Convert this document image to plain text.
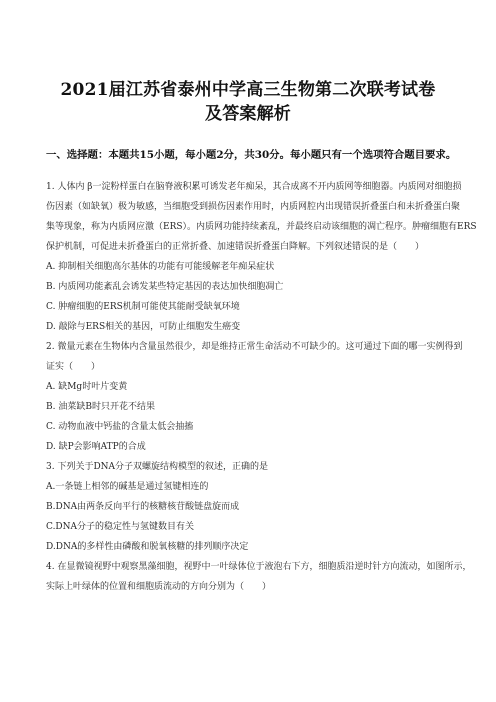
2021届江苏省泰州中学高三生物第二次联考试卷
及答案解析
一、选择题：本题共15小题，每小题2分，共30分。每小题只有一个选项符合题目要求。
1. 人体内 β一淀粉样蛋白在脑脊液积累可诱发老年痴呆，其合成离不开内质网等细胞器。内质网对细胞损
伤因素（如缺氧）极为敏感，当细胞受到损伤因素作用时，内质网腔内出现错误折叠蛋白和未折叠蛋白聚
集等现象，称为内质网应激（ERS）。内质网功能持续紊乱，并最终启动该细胞的凋亡程序。肿瘤细胞有ERS
保护机制，可促进未折叠蛋白的正常折叠、加速错误折叠蛋白降解。下列叙述错误的是（　　）
A. 抑制相关细胞高尔基体的功能有可能缓解老年痴呆症状
B. 内质网功能紊乱会诱发某些特定基因的表达加快细胞凋亡
C. 肿瘤细胞的ERS机制可能使其能耐受缺氧环境
D. 敲除与ERS相关的基因，可防止细胞发生癌变
2. 微量元素在生物体内含量虽然很少，却是维持正常生命活动不可缺少的。这可通过下面的哪一实例得到
证实（　　）
A. 缺Mg时叶片变黄
B. 油菜缺B时只开花不结果
C. 动物血液中钙盐的含量太低会抽搐
D. 缺P会影响ATP的合成
3. 下列关于DNA分子双螺旋结构模型的叙述，正确的是
A.一条链上相邻的碱基是通过氢键相连的
B.DNA由两条反向平行的核糖核苷酸链盘旋而成
C.DNA分子的稳定性与氢键数目有关
D.DNA的多样性由磷酸和脱氧核糖的排列顺序决定
4. 在显微镜视野中观察黑藻细胞，视野中一叶绿体位于液泡右下方，细胞质沿逆时针方向流动，如图所示，
实际上叶绿体的位置和细胞质流动的方向分别为（　　）
